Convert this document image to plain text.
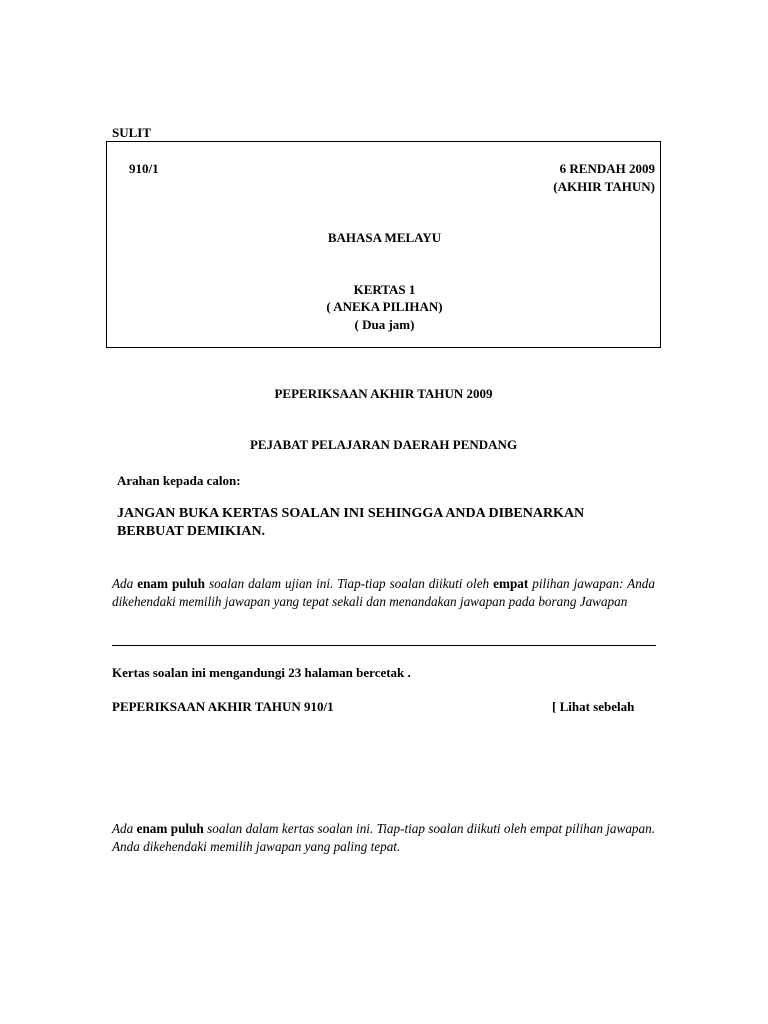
SULIT
910/1	6 RENDAH 2009
(AKHIR TAHUN)
BAHASA MELAYU
KERTAS 1
( ANEKA PILIHAN)
( Dua jam)
PEPERIKSAAN AKHIR TAHUN 2009
PEJABAT PELAJARAN DAERAH PENDANG
Arahan kepada calon:
JANGAN BUKA KERTAS SOALAN INI SEHINGGA ANDA DIBENARKAN
BERBUAT DEMIKIAN.
Ada enam puluh soalan dalam ujian ini. Tiap-tiap soalan diikuti oleh empat pilihan jawapan: Anda dikehendaki memilih jawapan yang tepat sekali dan menandakan jawapan pada borang Jawapan
Kertas soalan ini mengandungi 23 halaman bercetak .
PEPERIKSAAN AKHIR TAHUN 910/1	[ Lihat sebelah
Ada enam puluh soalan dalam kertas soalan ini. Tiap-tiap soalan diikuti oleh empat pilihan jawapan. Anda dikehendaki memilih jawapan yang paling tepat.
